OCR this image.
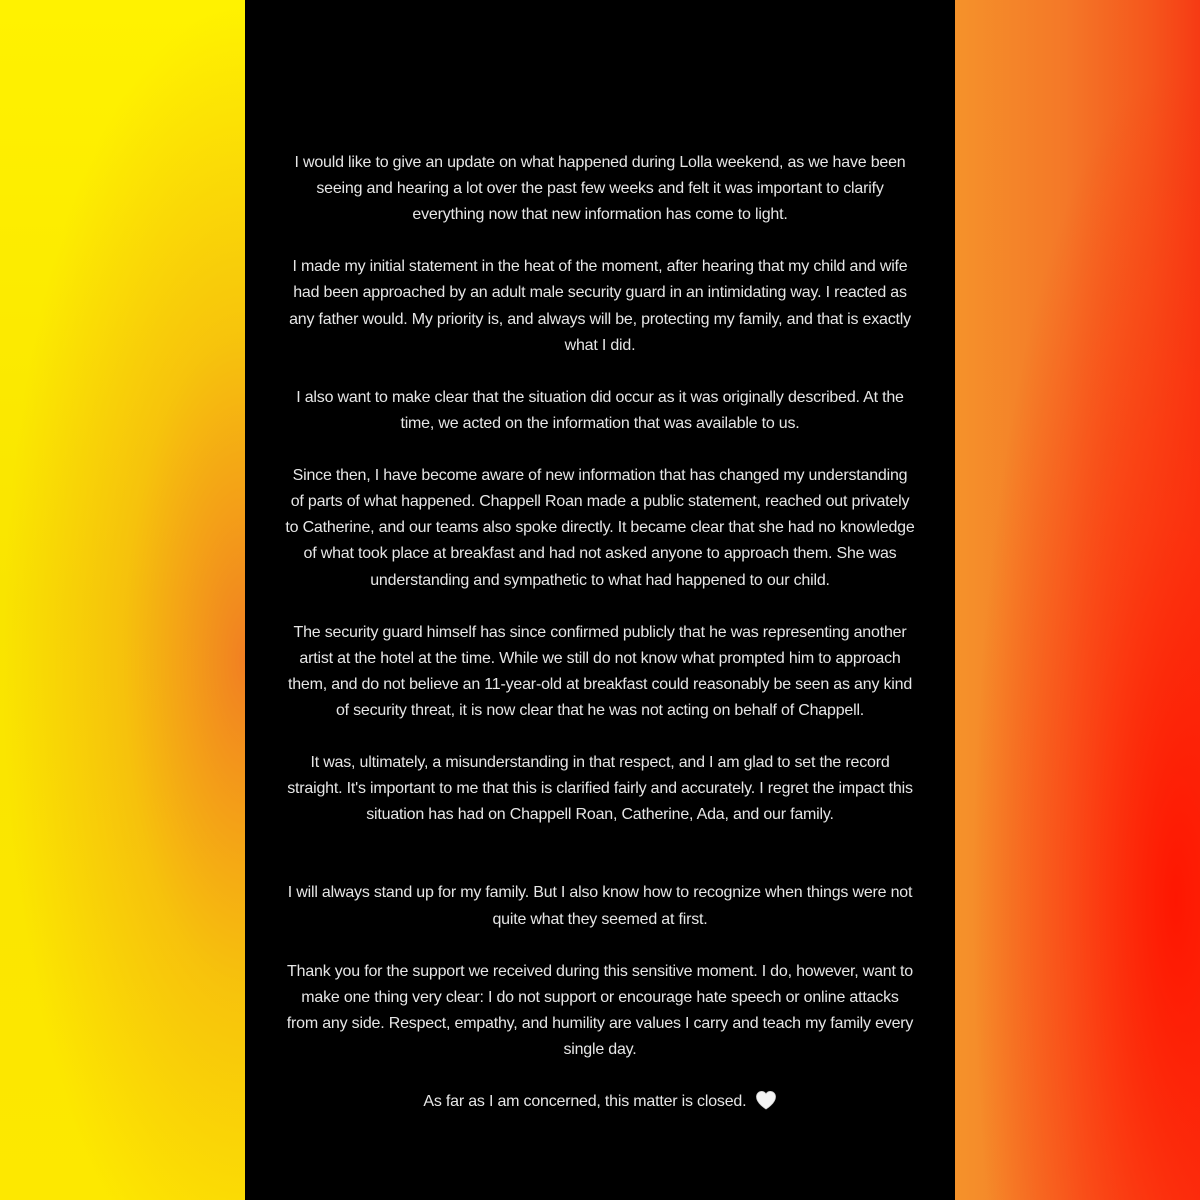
I would like to give an update on what happened during Lolla weekend, as we have been seeing and hearing a lot over the past few weeks and felt it was important to clarify everything now that new information has come to light.

I made my initial statement in the heat of the moment, after hearing that my child and wife had been approached by an adult male security guard in an intimidating way. I reacted as any father would. My priority is, and always will be, protecting my family, and that is exactly what I did.

I also want to make clear that the situation did occur as it was originally described. At the time, we acted on the information that was available to us.

Since then, I have become aware of new information that has changed my understanding of parts of what happened. Chappell Roan made a public statement, reached out privately to Catherine, and our teams also spoke directly. It became clear that she had no knowledge of what took place at breakfast and had not asked anyone to approach them. She was understanding and sympathetic to what had happened to our child.

The security guard himself has since confirmed publicly that he was representing another artist at the hotel at the time. While we still do not know what prompted him to approach them, and do not believe an 11-year-old at breakfast could reasonably be seen as any kind of security threat, it is now clear that he was not acting on behalf of Chappell.

It was, ultimately, a misunderstanding in that respect, and I am glad to set the record straight. It's important to me that this is clarified fairly and accurately. I regret the impact this situation has had on Chappell Roan, Catherine, Ada, and our family.

I will always stand up for my family. But I also know how to recognize when things were not quite what they seemed at first.

Thank you for the support we received during this sensitive moment. I do, however, want to make one thing very clear: I do not support or encourage hate speech or online attacks from any side. Respect, empathy, and humility are values I carry and teach my family every single day.

As far as I am concerned, this matter is closed.
